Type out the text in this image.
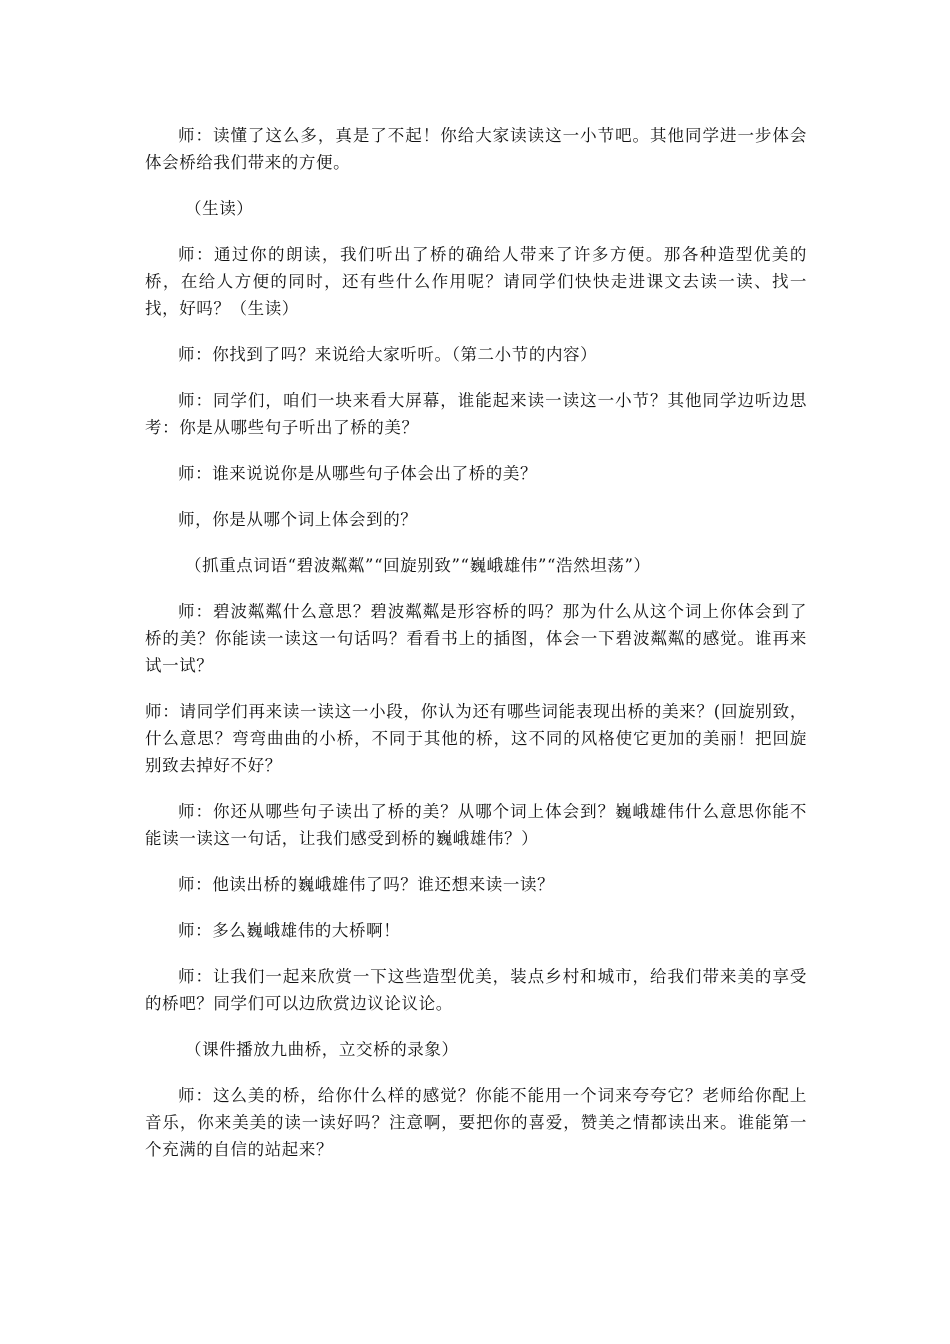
师：读懂了这么多，真是了不起！你给大家读读这一小节吧。其他同学进一步体会体会桥给我们带来的方便。

（生读）

师：通过你的朗读，我们听出了桥的确给人带来了许多方便。那各种造型优美的桥，在给人方便的同时，还有些什么作用呢？请同学们快快走进课文去读一读、找一找，好吗？（生读）

师：你找到了吗？来说给大家听听。（第二小节的内容）

师：同学们，咱们一块来看大屏幕，谁能起来读一读这一小节？其他同学边听边思考：你是从哪些句子听出了桥的美？

师：谁来说说你是从哪些句子体会出了桥的美？

师，你是从哪个词上体会到的？

（抓重点词语“碧波粼粼”“回旋别致”“巍峨雄伟”“浩然坦荡”）

师：碧波粼粼什么意思？碧波粼粼是形容桥的吗？那为什么从这个词上你体会到了桥的美？你能读一读这一句话吗？看看书上的插图，体会一下碧波粼粼的感觉。谁再来试一试？

师：请同学们再来读一读这一小段，你认为还有哪些词能表现出桥的美来？(回旋别致，什么意思？弯弯曲曲的小桥，不同于其他的桥，这不同的风格使它更加的美丽！把回旋别致去掉好不好？

师：你还从哪些句子读出了桥的美？从哪个词上体会到？巍峨雄伟什么意思你能不能读一读这一句话，让我们感受到桥的巍峨雄伟？）

师：他读出桥的巍峨雄伟了吗？谁还想来读一读？

师：多么巍峨雄伟的大桥啊！

师：让我们一起来欣赏一下这些造型优美，装点乡村和城市，给我们带来美的享受的桥吧？同学们可以边欣赏边议论议论。

（课件播放九曲桥，立交桥的录象）

师：这么美的桥，给你什么样的感觉？你能不能用一个词来夸夸它？老师给你配上音乐，你来美美的读一读好吗？注意啊，要把你的喜爱，赞美之情都读出来。谁能第一个充满的自信的站起来？
